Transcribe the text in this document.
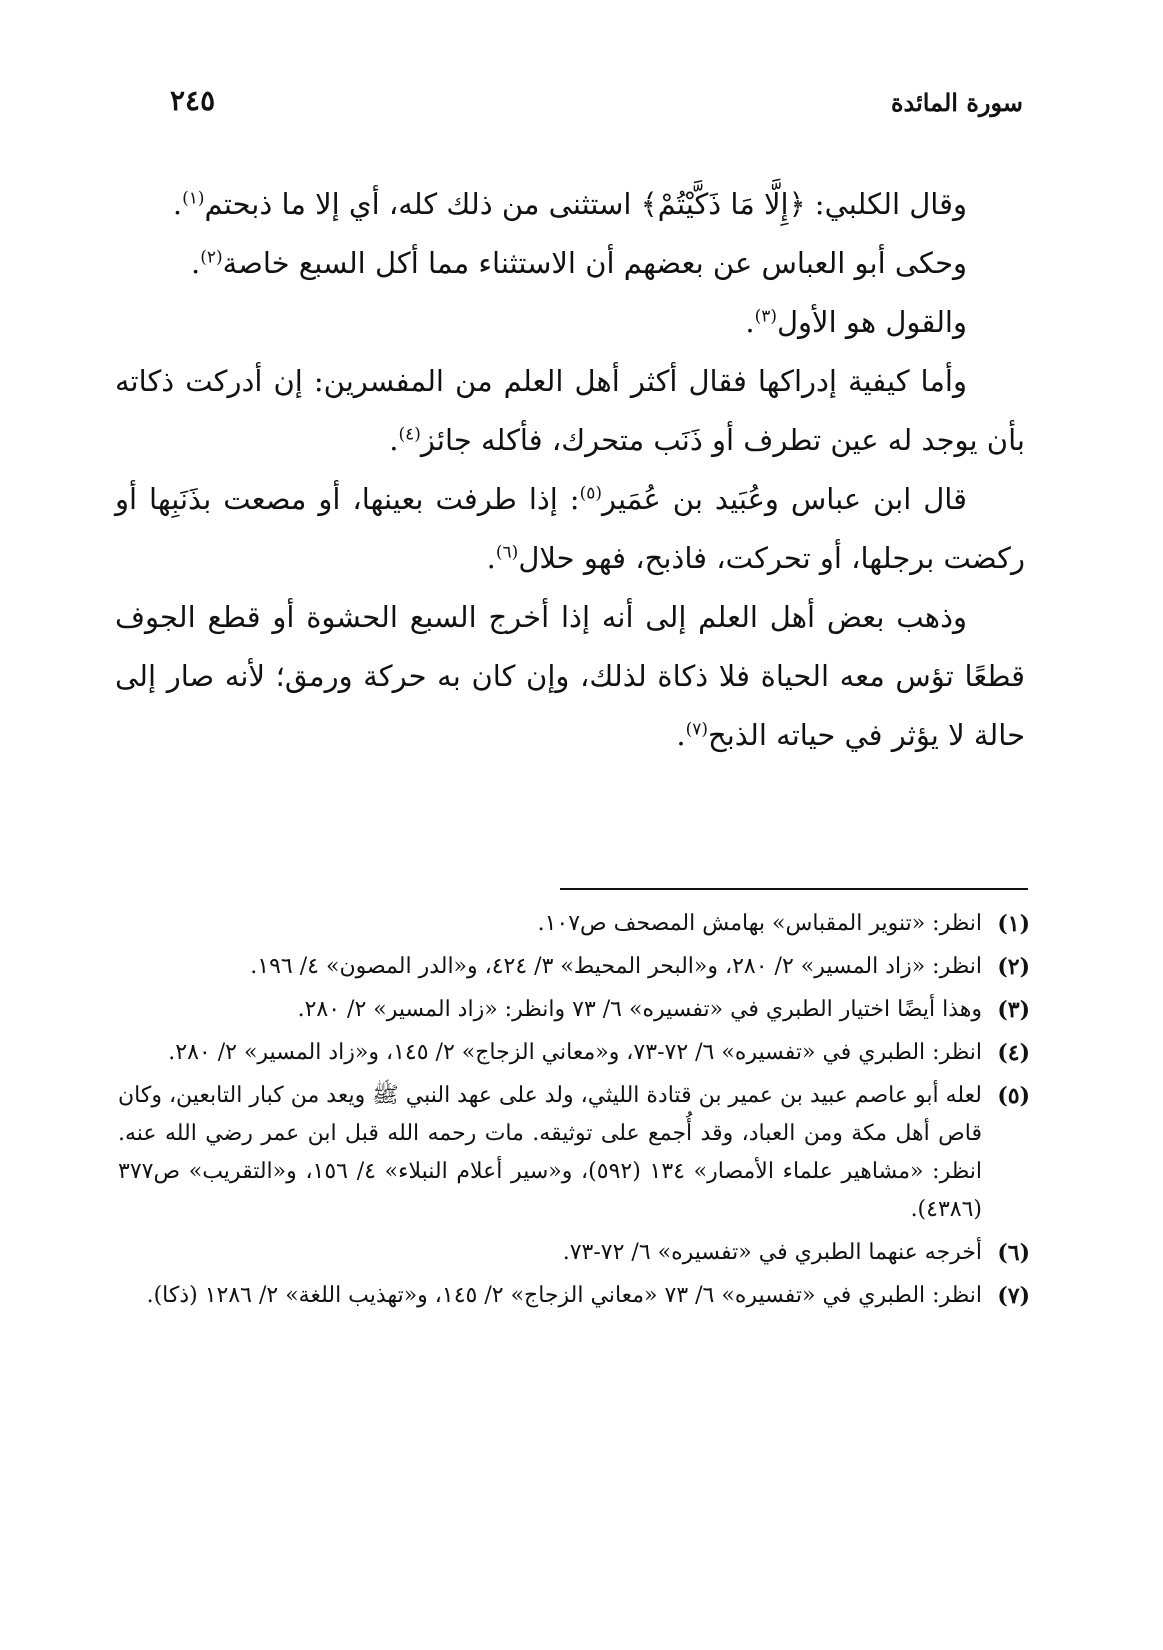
سورة المائدة
٢٤٥

وقال الكلبي: ﴿إِلَّا مَا ذَكَّيْتُمْ﴾ استثنى من ذلك كله، أي إلا ما ذبحتم$^{(١)}$.

وحكى أبو العباس عن بعضهم أن الاستثناء مما أكل السبع خاصة$^{(٢)}$.

والقول هو الأول$^{(٣)}$.

وأما كيفية إدراكها فقال أكثر أهل العلم من المفسرين: إن أدركت ذكاته بأن يوجد له عين تطرف أو ذَنَب متحرك، فأكله جائز$^{(٤)}$.

قال ابن عباس وعُبَيد بن عُمَير$^{(٥)}$: إذا طرفت بعينها، أو مصعت بذَنَبِها أو ركضت برجلها، أو تحركت، فاذبح، فهو حلال$^{(٦)}$.

وذهب بعض أهل العلم إلى أنه إذا أخرج السبع الحشوة أو قطع الجوف قطعًا تؤس معه الحياة فلا ذكاة لذلك، وإن كان به حركة ورمق؛ لأنه صار إلى حالة لا يؤثر في حياته الذبح$^{(٧)}$.

(١)
انظر: «تنوير المقباس» بهامش المصحف ص١٠٧.
(٢)
انظر: «زاد المسير» ٢/ ٢٨٠، و«البحر المحيط» ٣/ ٤٢٤، و«الدر المصون» ٤/ ١٩٦.
(٣)
وهذا أيضًا اختيار الطبري في «تفسيره» ٦/ ٧٣ وانظر: «زاد المسير» ٢/ ٢٨٠.
(٤)
انظر: الطبري في «تفسيره» ٦/ ٧٢-٧٣، و«معاني الزجاج» ٢/ ١٤٥، و«زاد المسير» ٢/ ٢٨٠.
(٥)
لعله أبو عاصم عبيد بن عمير بن قتادة الليثي، ولد على عهد النبي ﷺ ويعد من كبار التابعين، وكان قاص أهل مكة ومن العباد، وقد أُجمع على توثيقه. مات رحمه الله قبل ابن عمر رضي الله عنه. انظر: «مشاهير علماء الأمصار» ١٣٤ (٥٩٢)، و«سير أعلام النبلاء» ٤/ ١٥٦، و«التقريب» ص٣٧٧ (٤٣٨٦).
(٦)
أخرجه عنهما الطبري في «تفسيره» ٦/ ٧٢-٧٣.
(٧)
انظر: الطبري في «تفسيره» ٦/ ٧٣ «معاني الزجاج» ٢/ ١٤٥، و«تهذيب اللغة» ٢/ ١٢٨٦ (ذكا).
